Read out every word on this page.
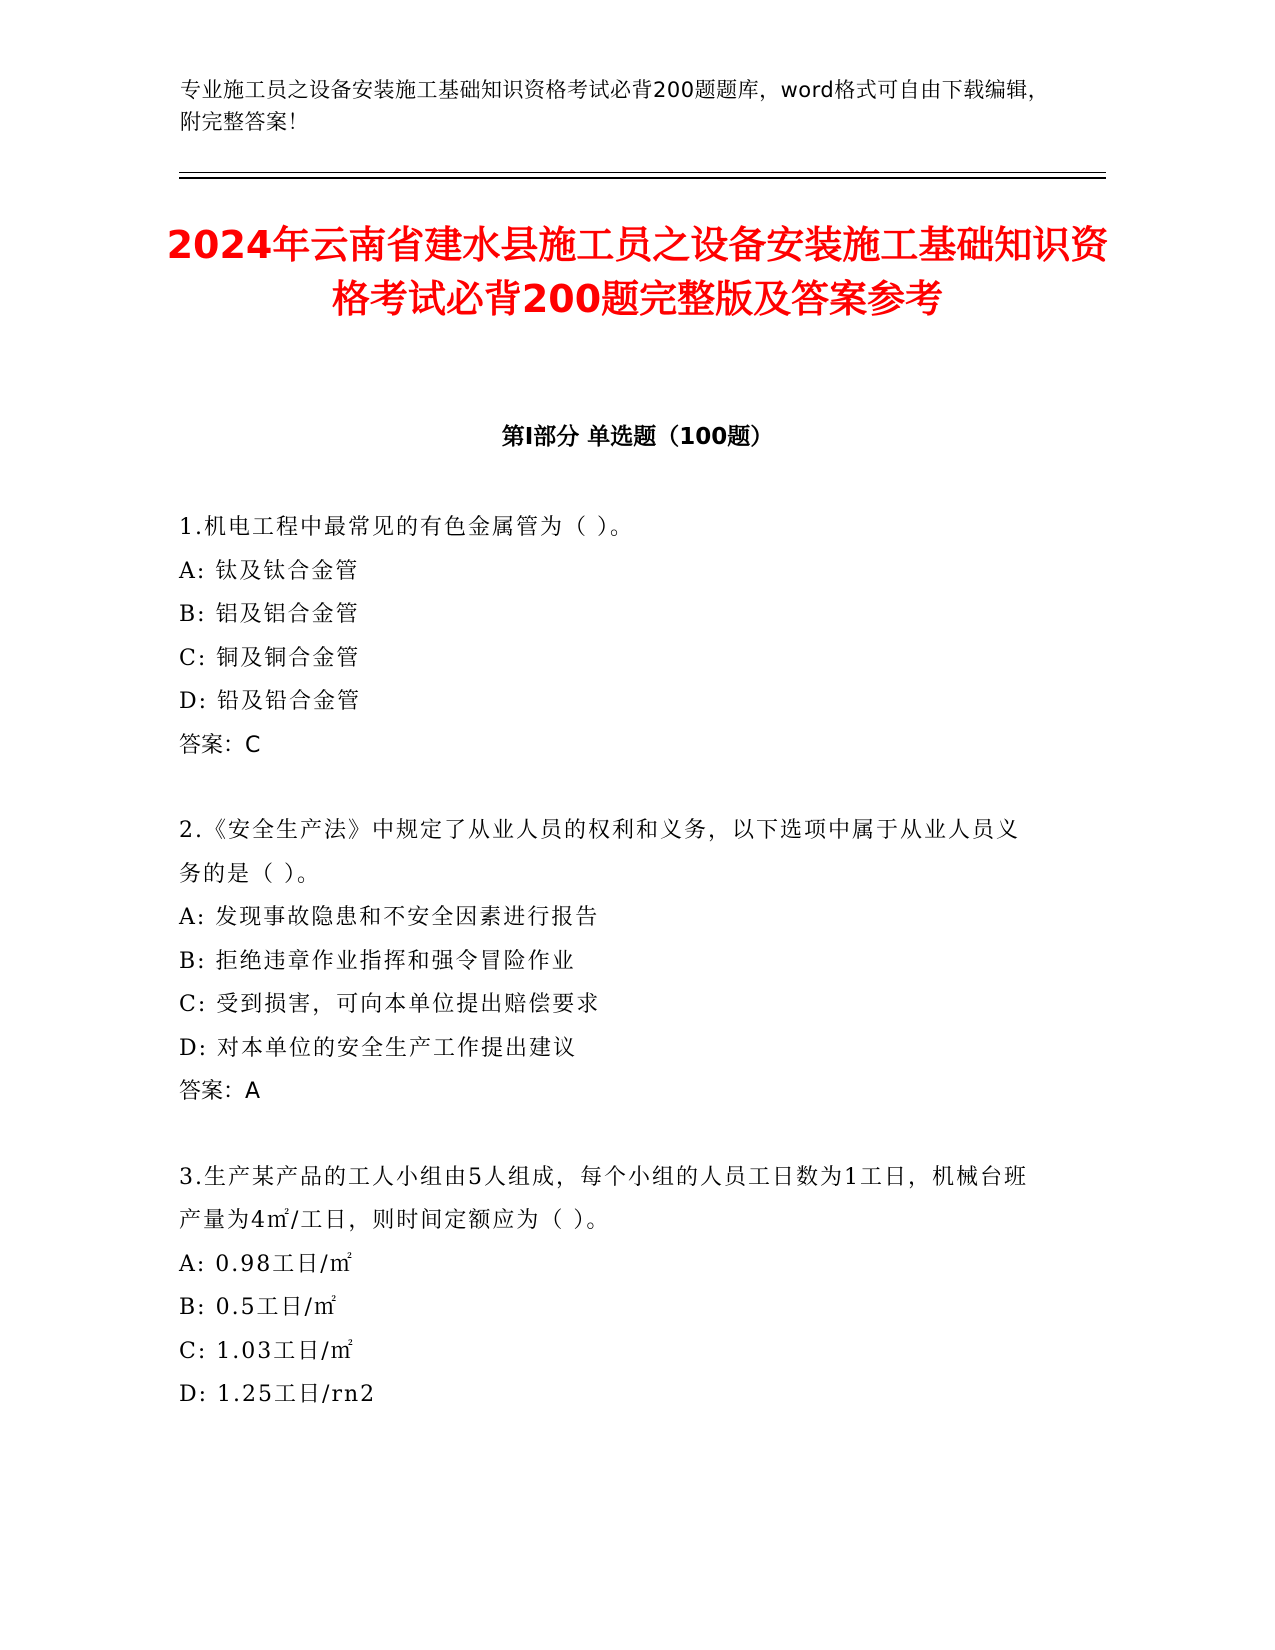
专业施工员之设备安装施工基础知识资格考试必背200题题库，word格式可自由下载编辑，附完整答案！
2024年云南省建水县施工员之设备安装施工基础知识资格考试必背200题完整版及答案参考
第I部分 单选题（100题）

1.机电工程中最常见的有色金属管为（ ）。

A: 钛及钛合金管

B: 铝及铝合金管

C: 铜及铜合金管

D: 铅及铅合金管

答案：C

2.《安全生产法》中规定了从业人员的权利和义务，以下选项中属于从业人员义务的是（ ）。

A: 发现事故隐患和不安全因素进行报告

B: 拒绝违章作业指挥和强令冒险作业

C: 受到损害，可向本单位提出赔偿要求

D: 对本单位的安全生产工作提出建议

答案：A

3.生产某产品的工人小组由5人组成，每个小组的人员工日数为1工日，机械台班产量为4㎡/工日，则时间定额应为（ ）。

A: 0.98工日/㎡

B: 0.5工日/㎡

C: 1.03工日/㎡

D: 1.25工日/rn2
